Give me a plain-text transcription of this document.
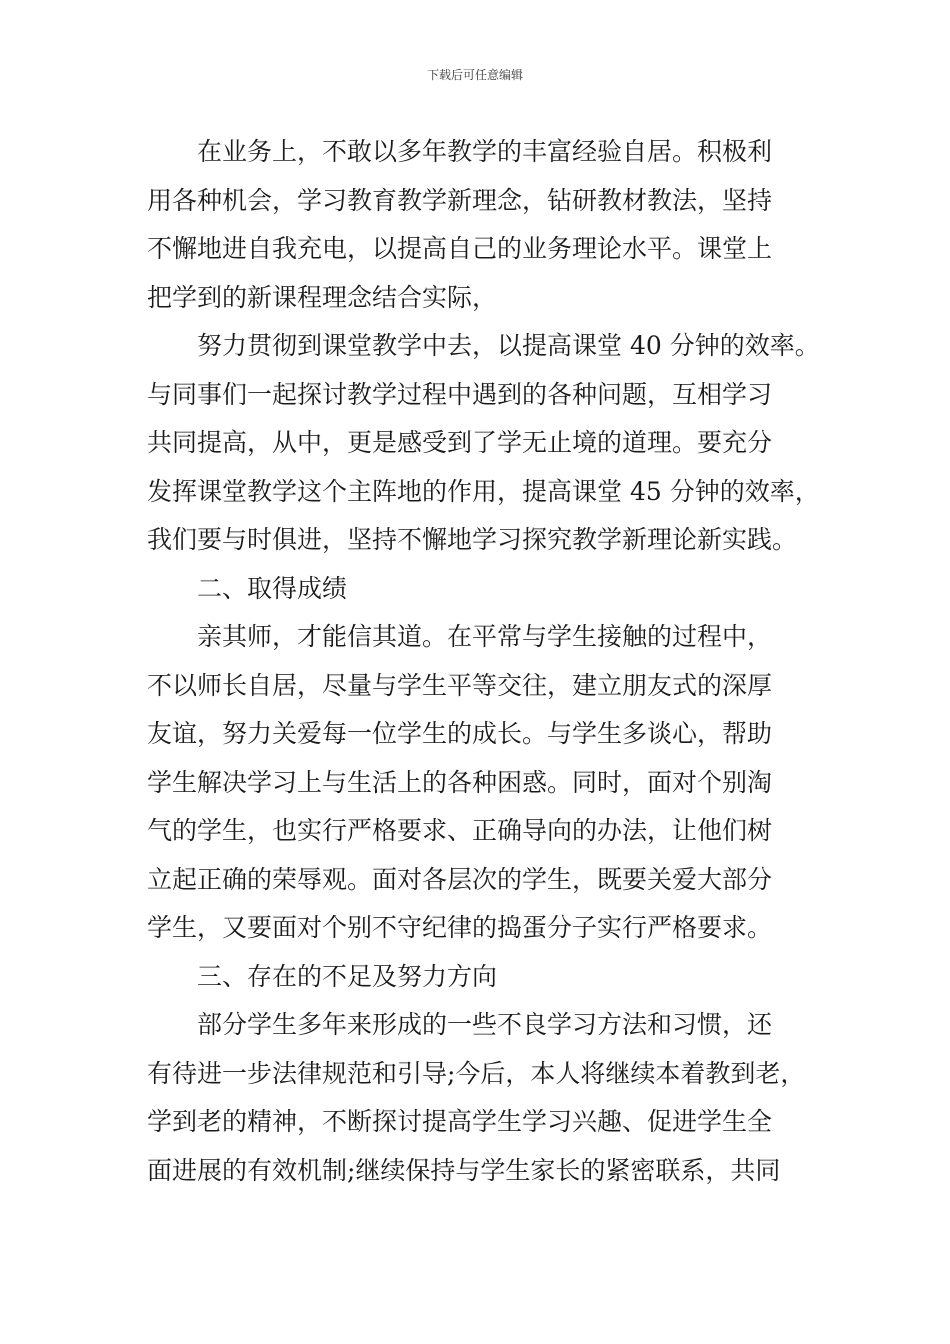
下载后可任意编辑

在业务上，不敢以多年教学的丰富经验自居。积极利

用各种机会，学习教育教学新理念，钻研教材教法，坚持

不懈地进自我充电，以提高自己的业务理论水平。课堂上

把学到的新课程理念结合实际，

努力贯彻到课堂教学中去，以提高课堂 40 分钟的效率。

与同事们一起探讨教学过程中遇到的各种问题，互相学习

共同提高，从中，更是感受到了学无止境的道理。要充分

发挥课堂教学这个主阵地的作用，提高课堂 45 分钟的效率，

我们要与时俱进，坚持不懈地学习探究教学新理论新实践。

二、取得成绩

亲其师，才能信其道。在平常与学生接触的过程中，

不以师长自居，尽量与学生平等交往，建立朋友式的深厚

友谊，努力关爱每一位学生的成长。与学生多谈心，帮助

学生解决学习上与生活上的各种困惑。同时，面对个别淘

气的学生，也实行严格要求、正确导向的办法，让他们树

立起正确的荣辱观。面对各层次的学生，既要关爱大部分

学生，又要面对个别不守纪律的捣蛋分子实行严格要求。

三、存在的不足及努力方向

部分学生多年来形成的一些不良学习方法和习惯，还

有待进一步法律规范和引导;今后，本人将继续本着教到老，

学到老的精神，不断探讨提高学生学习兴趣、促进学生全

面进展的有效机制;继续保持与学生家长的紧密联系，共同
